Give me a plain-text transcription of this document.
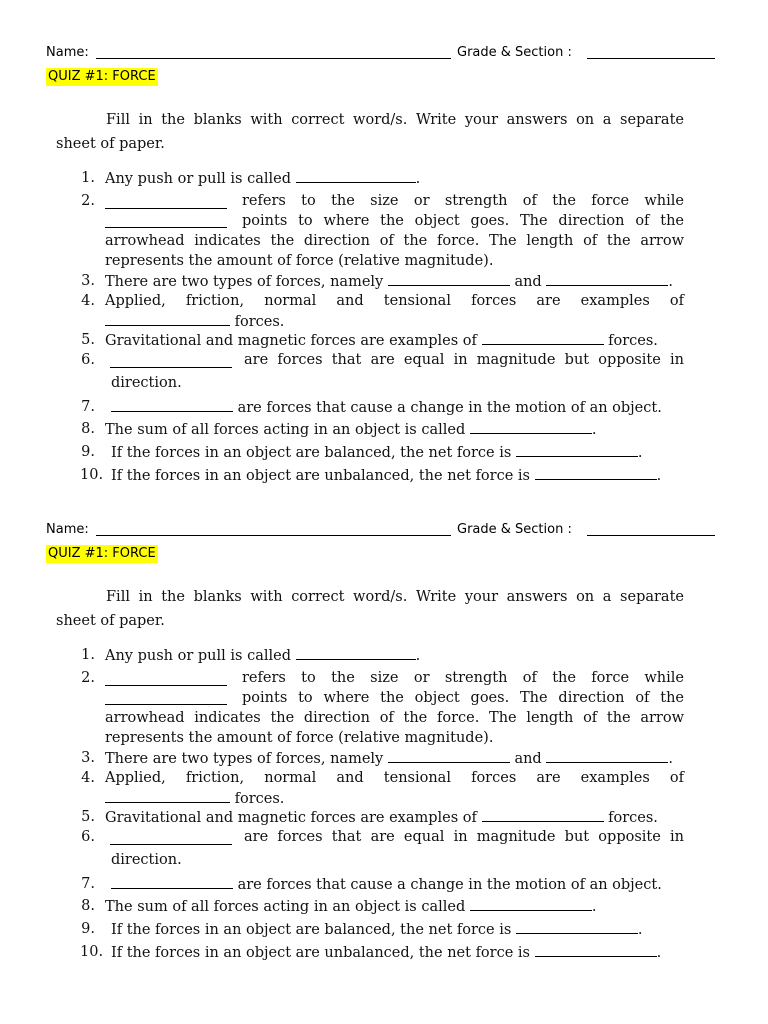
Name:	Grade & Section :
QUIZ #1: FORCE
Fill in the blanks with correct word/s. Write your answers on a separate
sheet of paper.
1. Any push or pull is called	.
2.	refers to the size or strength of the force while
points to where the object goes. The direction of the
arrowhead indicates the direction of the force. The length of the arrow
represents the amount of force (relative magnitude).
3. There are two types of forces, namely	and	.
4. Applied, friction, normal and tensional forces are examples of
forces.
5. Gravitational and magnetic forces are examples of	forces.
6.	are forces that are equal in magnitude but opposite in
direction.
7.	are forces that cause a change in the motion of an object.
8. The sum of all forces acting in an object is called	.
9. If the forces in an object are balanced, the net force is	.
10. If the forces in an object are unbalanced, the net force is	.
Name:	Grade & Section :
QUIZ #1: FORCE
Fill in the blanks with correct word/s. Write your answers on a separate
sheet of paper.
1. Any push or pull is called	.
2.	refers to the size or strength of the force while
points to where the object goes. The direction of the
arrowhead indicates the direction of the force. The length of the arrow
represents the amount of force (relative magnitude).
3. There are two types of forces, namely	and	.
4. Applied, friction, normal and tensional forces are examples of
forces.
5. Gravitational and magnetic forces are examples of	forces.
6.	are forces that are equal in magnitude but opposite in
direction.
7.	are forces that cause a change in the motion of an object.
8. The sum of all forces acting in an object is called	.
9. If the forces in an object are balanced, the net force is	.
10. If the forces in an object are unbalanced, the net force is	.
